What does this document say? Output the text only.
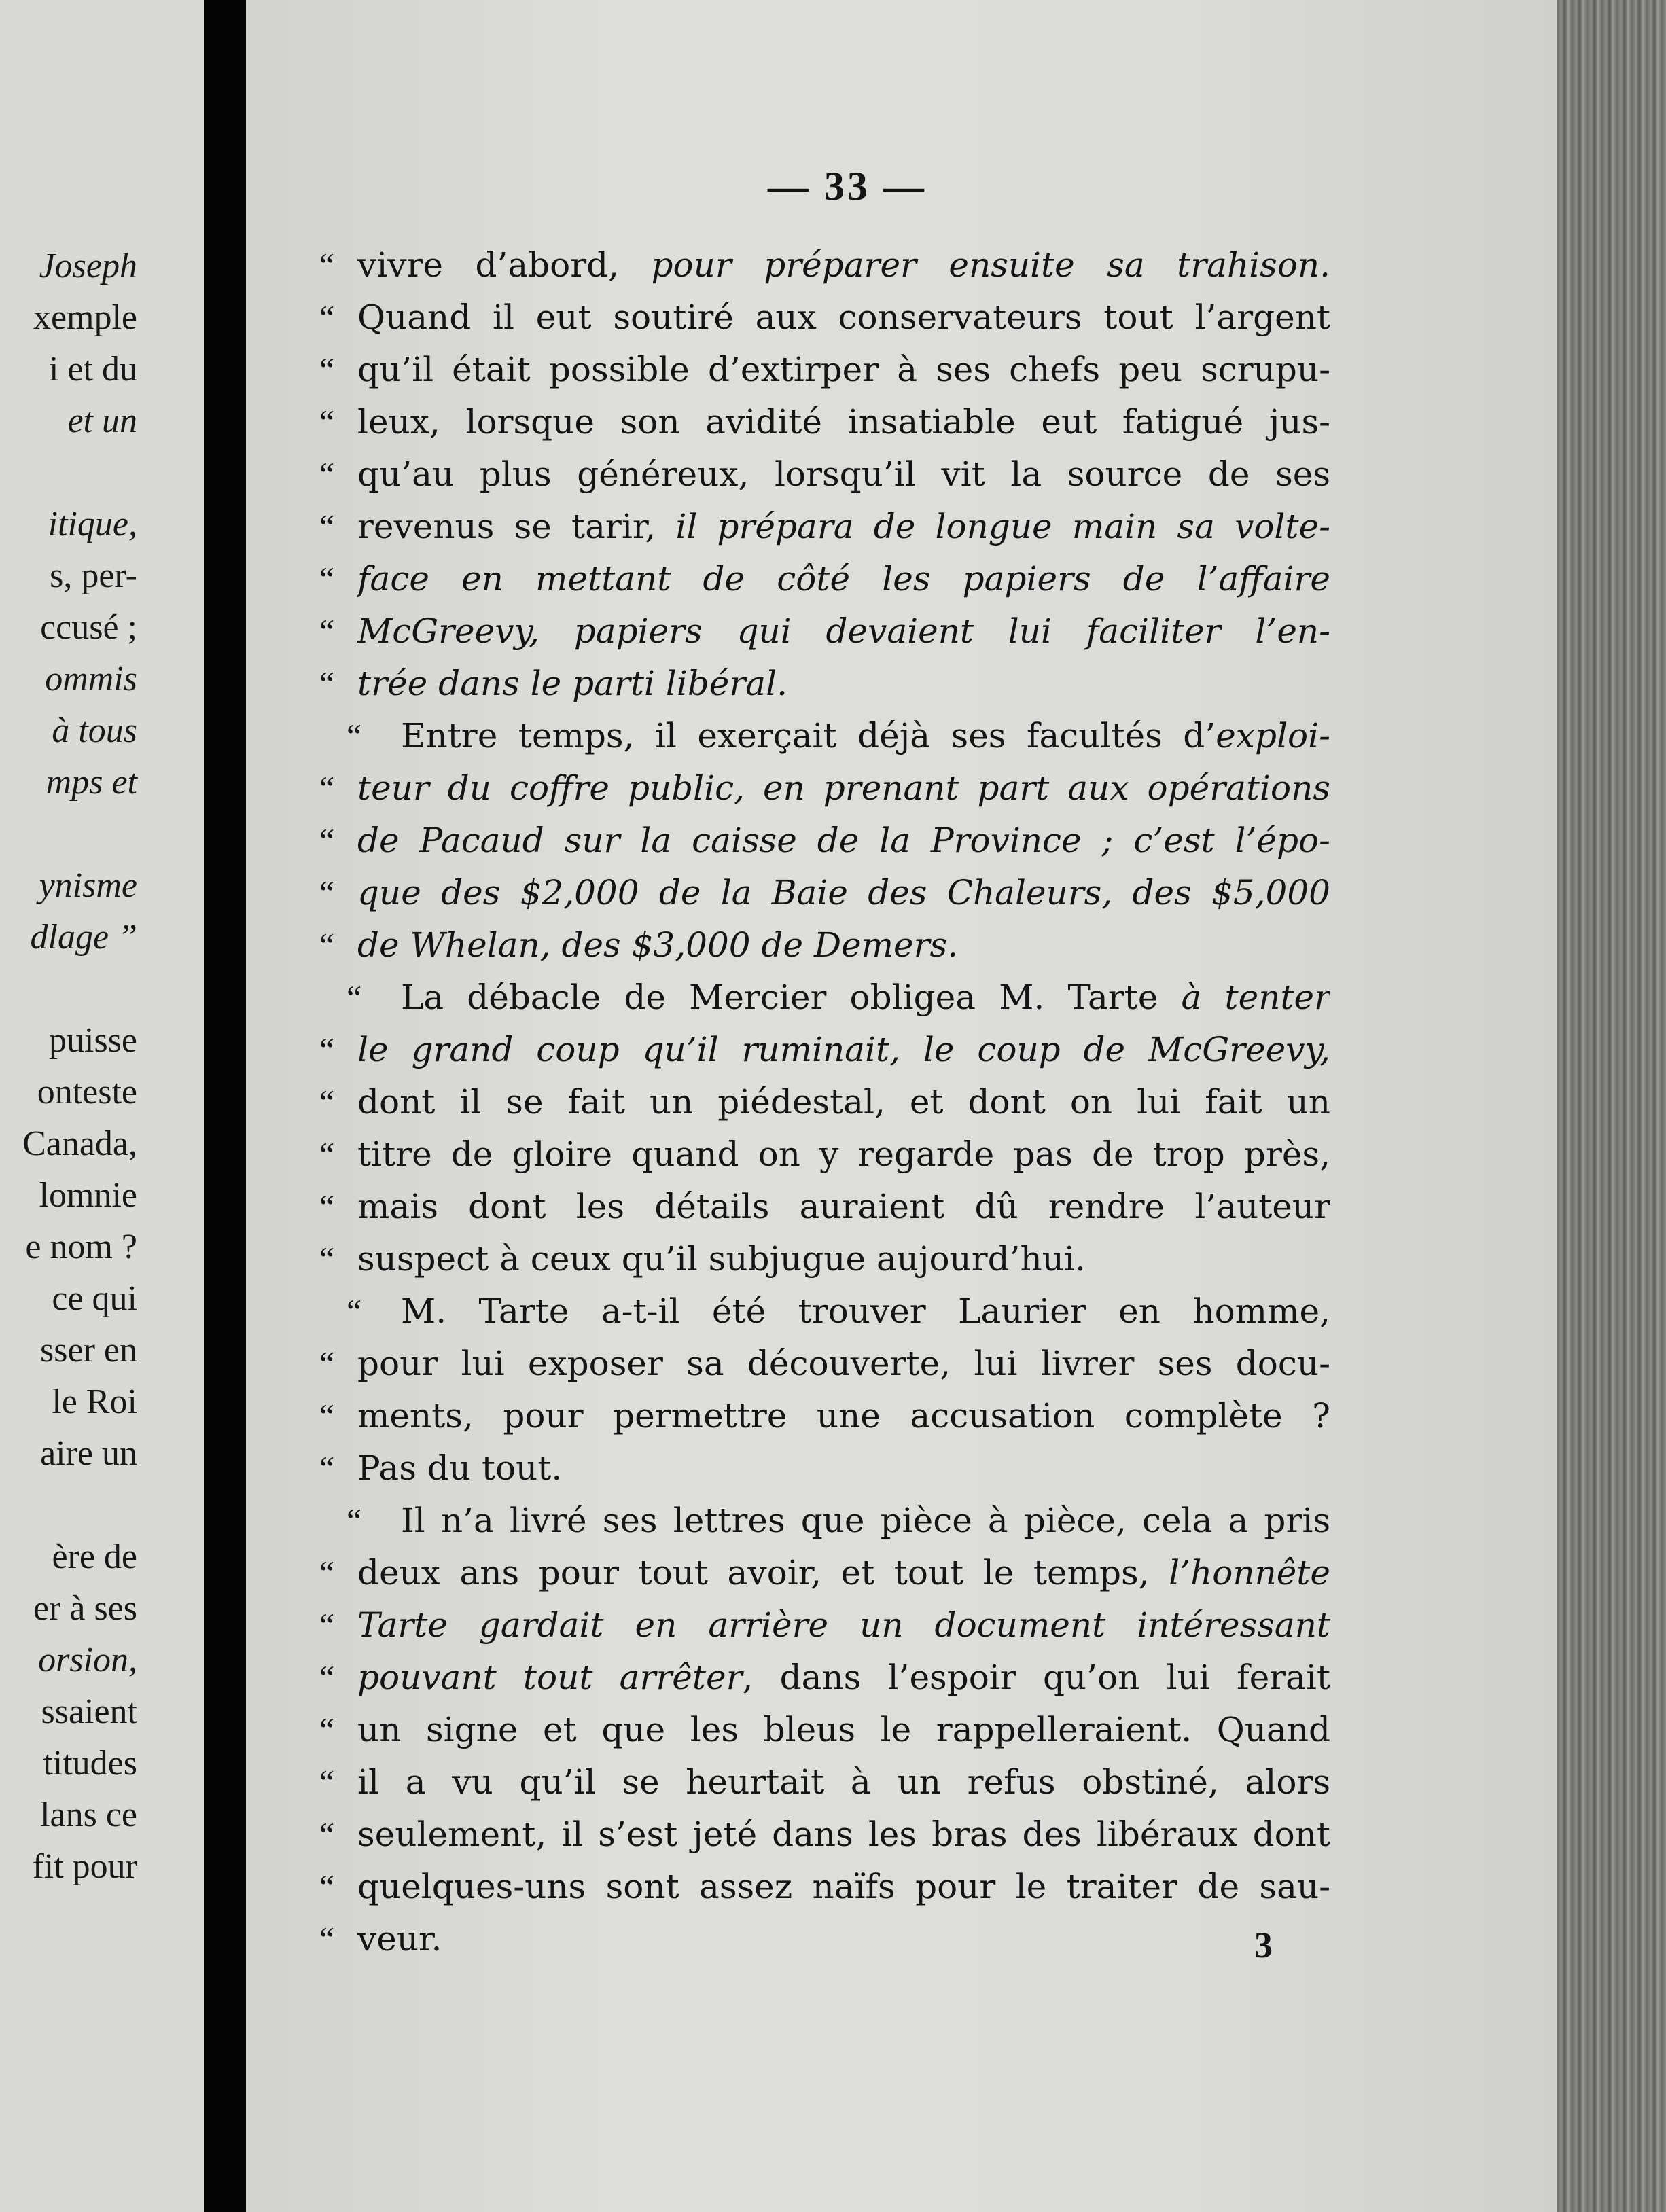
Joseph
xemple
i et du
et un
itique,
s, per-
ccusé ;
ommis
à tous
mps et
ynisme
dlage ”
puisse
onteste
Canada,
lomnie
e nom ?
ce qui
sser en
le Roi
aire un
ère de
er à ses
orsion,
ssaient
titudes
lans ce
fit pour
— 33 —
“ vivre d’abord, pour préparer ensuite sa trahison.
“ Quand il eut soutiré aux conservateurs tout l’argent
“ qu’il était possible d’extirper à ses chefs peu scrupu-
“ leux, lorsque son avidité insatiable eut fatigué jus-
“ qu’au plus généreux, lorsqu’il vit la source de ses
“ revenus se tarir, il prépara de longue main sa volte-
“ face en mettant de côté les papiers de l’affaire
“ McGreevy, papiers qui devaient lui faciliter l’en-
“ trée dans le parti libéral.
“	Entre temps, il exerçait déjà ses facultés d’exploi-
“ teur du coffre public, en prenant part aux opérations
“ de Pacaud sur la caisse de la Province ; c’est l’épo-
“ que des $2,000 de la Baie des Chaleurs, des $5,000
“ de Whelan, des $3,000 de Demers.
“	La débacle de Mercier obligea M. Tarte à tenter
“ le grand coup qu’il ruminait, le coup de McGreevy,
“ dont il se fait un piédestal, et dont on lui fait un
“ titre de gloire quand on y regarde pas de trop près,
“ mais dont les détails auraient dû rendre l’auteur
“ suspect à ceux qu’il subjugue aujourd’hui.
“	M. Tarte a-t-il été trouver Laurier en homme,
“ pour lui exposer sa découverte, lui livrer ses docu-
“ ments, pour permettre une accusation complète ?
“ Pas du tout.
“	Il n’a livré ses lettres que pièce à pièce, cela a pris
“ deux ans pour tout avoir, et tout le temps, l’honnête
“ Tarte gardait en arrière un document intéressant
“ pouvant tout arrêter, dans l’espoir qu’on lui ferait
“ un signe et que les bleus le rappelleraient. Quand
“ il a vu qu’il se heurtait à un refus obstiné, alors
“ seulement, il s’est jeté dans les bras des libéraux dont
“ quelques-uns sont assez naïfs pour le traiter de sau-
“ veur.	3
